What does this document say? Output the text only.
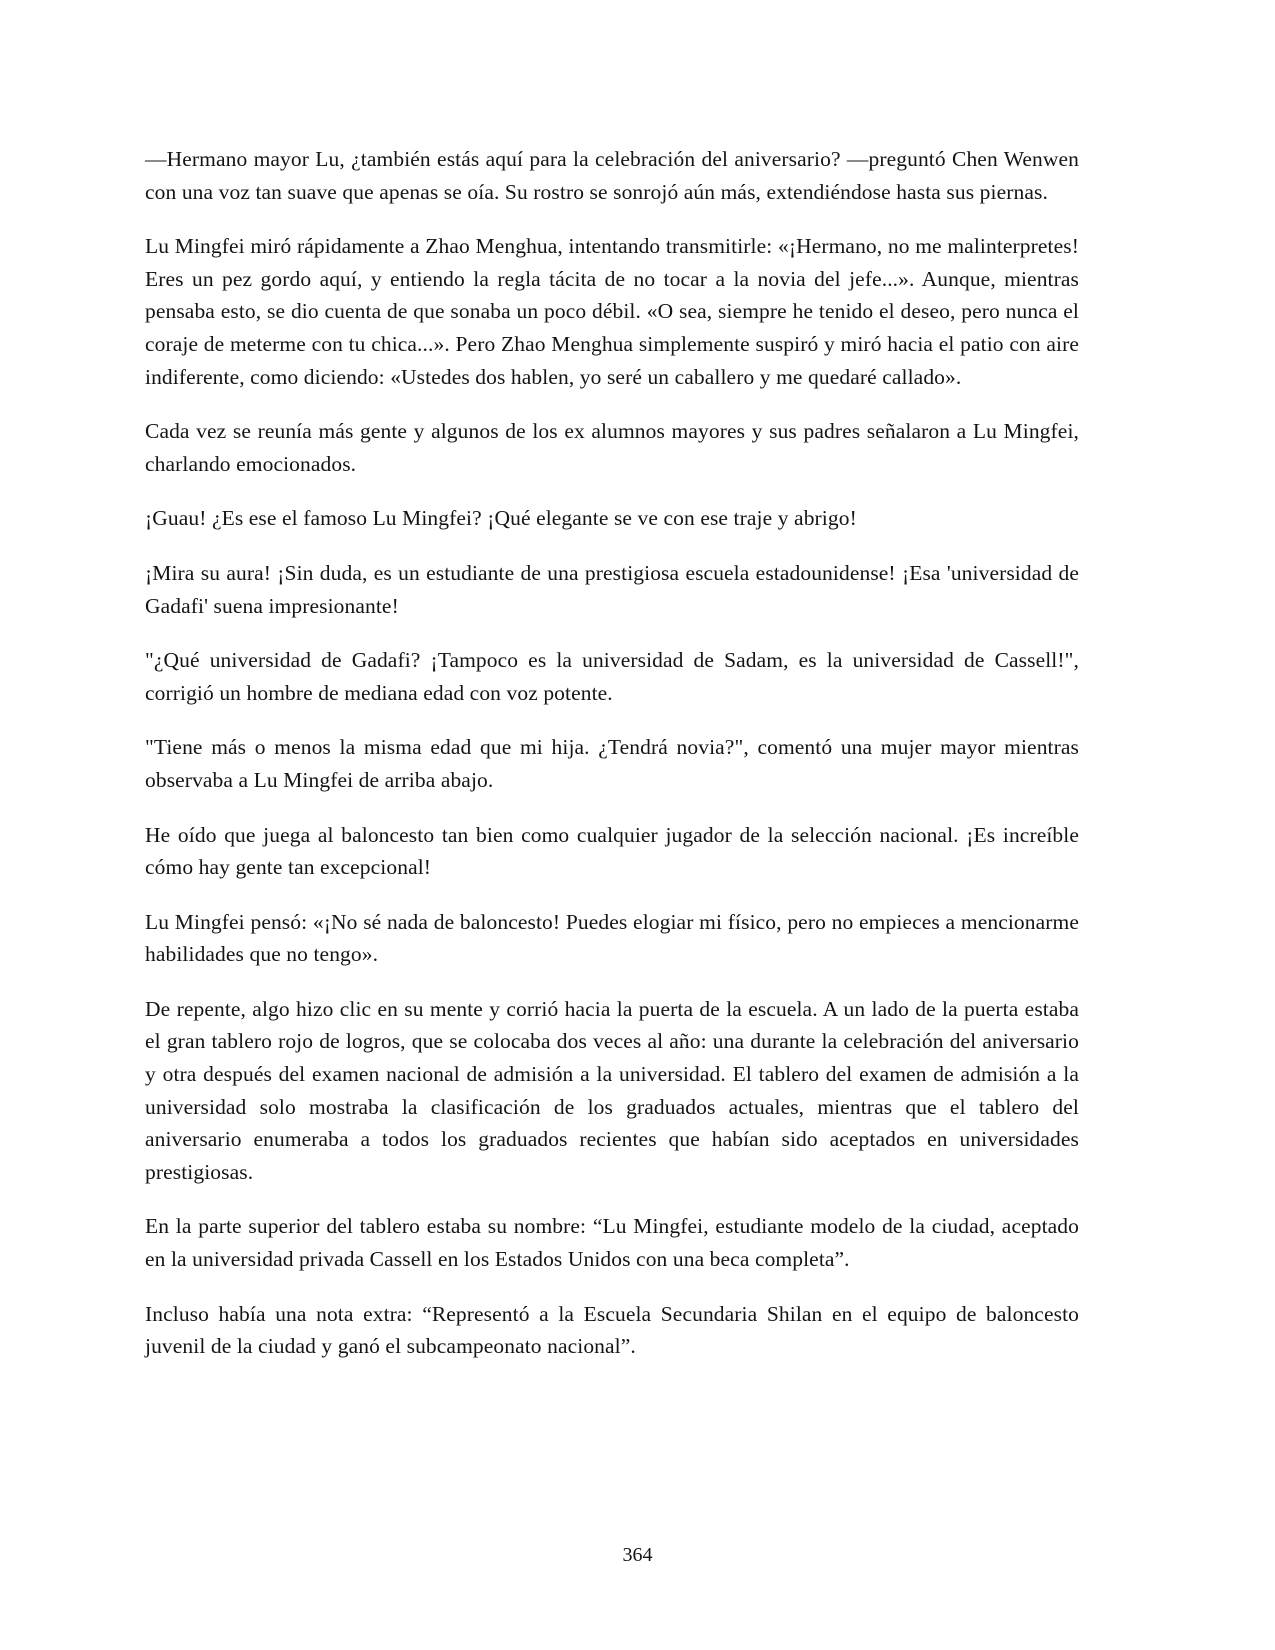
—Hermano mayor Lu, ¿también estás aquí para la celebración del aniversario? —preguntó Chen Wenwen con una voz tan suave que apenas se oía. Su rostro se sonrojó aún más, extendiéndose hasta sus piernas.

Lu Mingfei miró rápidamente a Zhao Menghua, intentando transmitirle: «¡Hermano, no me malinterpretes! Eres un pez gordo aquí, y entiendo la regla tácita de no tocar a la novia del jefe...». Aunque, mientras pensaba esto, se dio cuenta de que sonaba un poco débil. «O sea, siempre he tenido el deseo, pero nunca el coraje de meterme con tu chica...». Pero Zhao Menghua simplemente suspiró y miró hacia el patio con aire indiferente, como diciendo: «Ustedes dos hablen, yo seré un caballero y me quedaré callado».

Cada vez se reunía más gente y algunos de los ex alumnos mayores y sus padres señalaron a Lu Mingfei, charlando emocionados.

¡Guau! ¿Es ese el famoso Lu Mingfei? ¡Qué elegante se ve con ese traje y abrigo!

¡Mira su aura! ¡Sin duda, es un estudiante de una prestigiosa escuela estadounidense! ¡Esa 'universidad de Gadafi' suena impresionante!

"¿Qué universidad de Gadafi? ¡Tampoco es la universidad de Sadam, es la universidad de Cassell!", corrigió un hombre de mediana edad con voz potente.

"Tiene más o menos la misma edad que mi hija. ¿Tendrá novia?", comentó una mujer mayor mientras observaba a Lu Mingfei de arriba abajo.

He oído que juega al baloncesto tan bien como cualquier jugador de la selección nacional. ¡Es increíble cómo hay gente tan excepcional!

Lu Mingfei pensó: «¡No sé nada de baloncesto! Puedes elogiar mi físico, pero no empieces a mencionarme habilidades que no tengo».

De repente, algo hizo clic en su mente y corrió hacia la puerta de la escuela. A un lado de la puerta estaba el gran tablero rojo de logros, que se colocaba dos veces al año: una durante la celebración del aniversario y otra después del examen nacional de admisión a la universidad. El tablero del examen de admisión a la universidad solo mostraba la clasificación de los graduados actuales, mientras que el tablero del aniversario enumeraba a todos los graduados recientes que habían sido aceptados en universidades prestigiosas.

En la parte superior del tablero estaba su nombre: “Lu Mingfei, estudiante modelo de la ciudad, aceptado en la universidad privada Cassell en los Estados Unidos con una beca completa”.

Incluso había una nota extra: “Representó a la Escuela Secundaria Shilan en el equipo de baloncesto juvenil de la ciudad y ganó el subcampeonato nacional”.

364
